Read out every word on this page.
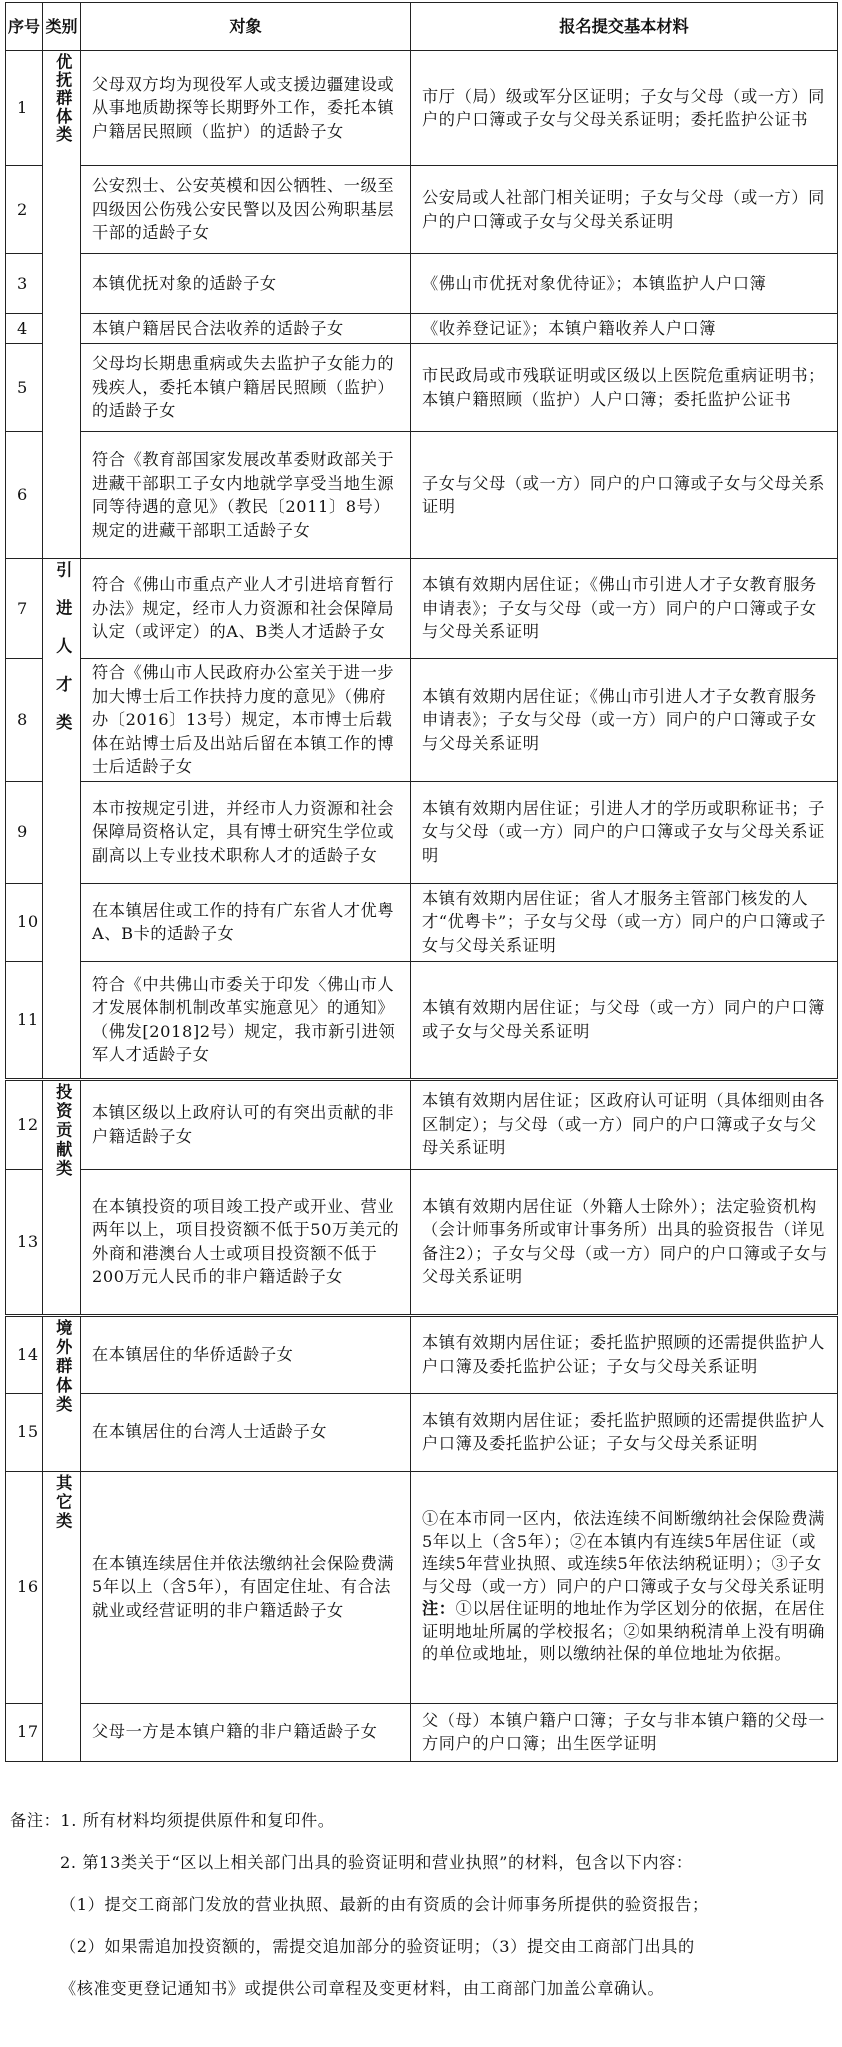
序号	类别	对象	报名提交基本材料
1	优抚群体类	父母双方均为现役军人或支援边疆建设或从事地质勘探等长期野外工作，委托本镇户籍居民照顾（监护）的适龄子女	市厅（局）级或军分区证明；子女与父母（或一方）同户的户口簿或子女与父母关系证明；委托监护公证书
2		公安烈士、公安英模和因公牺牲、一级至四级因公伤残公安民警以及因公殉职基层干部的适龄子女	公安局或人社部门相关证明；子女与父母（或一方）同户的户口簿或子女与父母关系证明
3		本镇优抚对象的适龄子女	《佛山市优抚对象优待证》；本镇监护人户口簿
4		本镇户籍居民合法收养的适龄子女	《收养登记证》；本镇户籍收养人户口簿
5		父母均长期患重病或失去监护子女能力的残疾人，委托本镇户籍居民照顾（监护）的适龄子女	市民政局或市残联证明或区级以上医院危重病证明书；本镇户籍照顾（监护）人户口簿；委托监护公证书
6		符合《教育部国家发展改革委财政部关于进藏干部职工子女内地就学享受当地生源同等待遇的意见》（教民〔2011〕8号）规定的进藏干部职工适龄子女	子女与父母（或一方）同户的户口簿或子女与父母关系证明
7	引进人才类	符合《佛山市重点产业人才引进培育暂行办法》规定，经市人力资源和社会保障局认定（或评定）的A、B类人才适龄子女	本镇有效期内居住证；《佛山市引进人才子女教育服务申请表》；子女与父母（或一方）同户的户口簿或子女与父母关系证明
8		符合《佛山市人民政府办公室关于进一步加大博士后工作扶持力度的意见》（佛府办〔2016〕13号）规定，本市博士后载体在站博士后及出站后留在本镇工作的博士后适龄子女	本镇有效期内居住证；《佛山市引进人才子女教育服务申请表》；子女与父母（或一方）同户的户口簿或子女与父母关系证明
9		本市按规定引进，并经市人力资源和社会保障局资格认定，具有博士研究生学位或副高以上专业技术职称人才的适龄子女	本镇有效期内居住证；引进人才的学历或职称证书；子女与父母（或一方）同户的户口簿或子女与父母关系证明
10		在本镇居住或工作的持有广东省人才优粤A、B卡的适龄子女	本镇有效期内居住证；省人才服务主管部门核发的人才“优粤卡”；子女与父母（或一方）同户的户口簿或子女与父母关系证明
11		符合《中共佛山市委关于印发〈佛山市人才发展体制机制改革实施意见〉的通知》（佛发[2018]2号）规定，我市新引进领军人才适龄子女	本镇有效期内居住证；与父母（或一方）同户的户口簿或子女与父母关系证明
12	投资贡献类	本镇区级以上政府认可的有突出贡献的非户籍适龄子女	本镇有效期内居住证；区政府认可证明（具体细则由各区制定）；与父母（或一方）同户的户口簿或子女与父母关系证明
13		在本镇投资的项目竣工投产或开业、营业两年以上，项目投资额不低于50万美元的外商和港澳台人士或项目投资额不低于200万元人民币的非户籍适龄子女	本镇有效期内居住证（外籍人士除外）；法定验资机构（会计师事务所或审计事务所）出具的验资报告（详见备注2）；子女与父母（或一方）同户的户口簿或子女与父母关系证明
14	境外群体类	在本镇居住的华侨适龄子女	本镇有效期内居住证；委托监护照顾的还需提供监护人户口簿及委托监护公证；子女与父母关系证明
15		在本镇居住的台湾人士适龄子女	本镇有效期内居住证；委托监护照顾的还需提供监护人户口簿及委托监护公证；子女与父母关系证明
16	其它类	在本镇连续居住并依法缴纳社会保险费满5年以上（含5年），有固定住址、有合法就业或经营证明的非户籍适龄子女	①在本市同一区内，依法连续不间断缴纳社会保险费满5年以上（含5年）；②在本镇内有连续5年居住证（或连续5年营业执照、或连续5年依法纳税证明）；③子女与父母（或一方）同户的户口簿或子女与父母关系证明
注：①以居住证明的地址作为学区划分的依据，在居住证明地址所属的学校报名；②如果纳税清单上没有明确的单位或地址，则以缴纳社保的单位地址为依据。
17		父母一方是本镇户籍的非户籍适龄子女	父（母）本镇户籍户口簿；子女与非本镇户籍的父母一方同户的户口簿；出生医学证明

备注：1. 所有材料均须提供原件和复印件。

2. 第13类关于“区以上相关部门出具的验资证明和营业执照”的材料，包含以下内容：

（1）提交工商部门发放的营业执照、最新的由有资质的会计师事务所提供的验资报告；

（2）如果需追加投资额的，需提交追加部分的验资证明；（3）提交由工商部门出具的

《核准变更登记通知书》或提供公司章程及变更材料，由工商部门加盖公章确认。
